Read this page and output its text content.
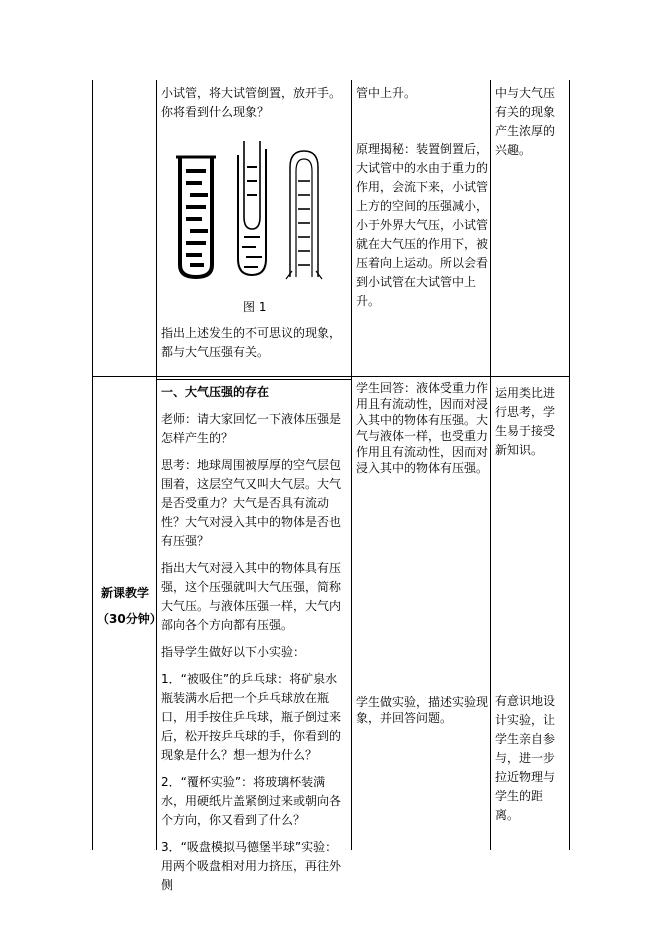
小试管，将大试管倒置，放开手。你将看到什么现象？
图 1
指出上述发生的不可思议的现象，都与大气压强有关。
管中上升。
原理揭秘：装置倒置后，大试管中的水由于重力的作用，会流下来，小试管上方的空间的压强减小，小于外界大气压，小试管就在大气压的作用下，被压着向上运动。所以会看到小试管在大试管中上升。
中与大气压有关的现象产生浓厚的兴趣。
新课教学
（30分钟）

一、大气压强的存在

老师：请大家回忆一下液体压强是怎样产生的？

思考：地球周围被厚厚的空气层包围着，这层空气又叫大气层。大气是否受重力？大气是否具有流动性？大气对浸入其中的物体是否也有压强？

指出大气对浸入其中的物体具有压强，这个压强就叫大气压强，简称大气压。与液体压强一样，大气内部向各个方向都有压强。

指导学生做好以下小实验：

1．“被吸住”的乒乓球：将矿泉水瓶装满水后把一个乒乓球放在瓶口，用手按住乒乓球，瓶子倒过来后，松开按乒乓球的手，你看到的现象是什么？想一想为什么？

2．“覆杯实验”：将玻璃杯装满水，用硬纸片盖紧倒过来或朝向各个方向，你又看到了什么？

3．“吸盘模拟马德堡半球”实验：用两个吸盘相对用力挤压，再往外侧

学生回答：液体受重力作用且有流动性，因而对浸入其中的物体有压强。大气与液体一样，也受重力作用且有流动性，因而对浸入其中的物体有压强。
学生做实验，描述实验现象，并回答问题。
运用类比进行思考，学生易于接受新知识。
有意识地设计实验，让学生亲自参与，进一步拉近物理与学生的距离。
